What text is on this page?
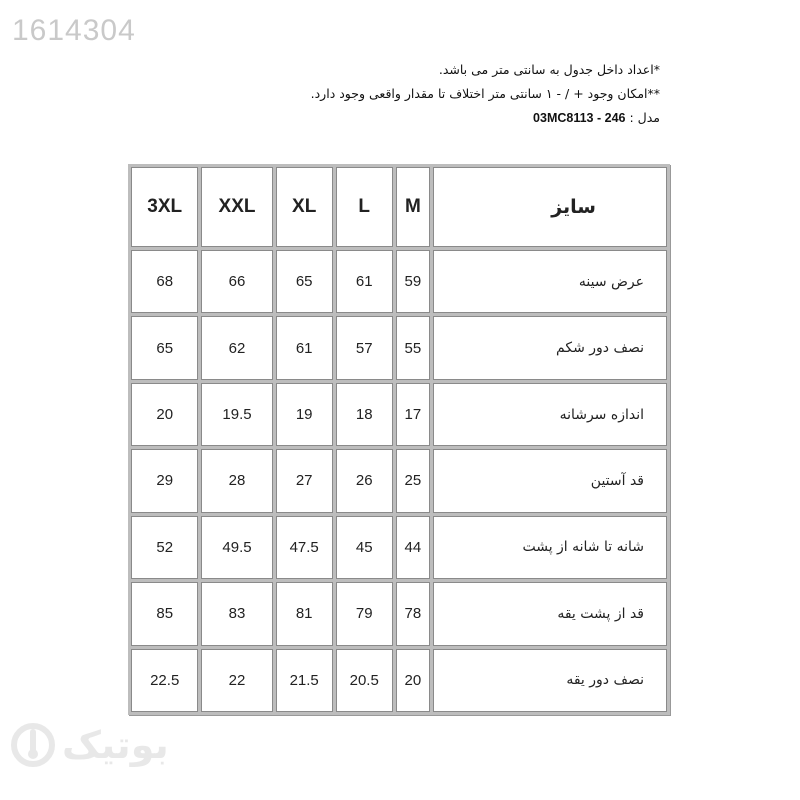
1614304
*اعداد داخل جدول به سانتی متر می باشد.
**امکان وجود + / - ۱ سانتی متر اختلاف تا مقدار واقعی وجود دارد.
مدل : 03MC8113 - 246
3XL	XXL	XL	L	M	سایز
68	66	65	61	59	عرض سینه
65	62	61	57	55	نصف دور شکم
20	19.5	19	18	17	اندازه سرشانه
29	28	27	26	25	قد آستین
52	49.5	47.5	45	44	شانه تا شانه از پشت
85	83	81	79	78	قد از پشت یقه
22.5	22	21.5	20.5	20	نصف دور یقه
بوتیک
